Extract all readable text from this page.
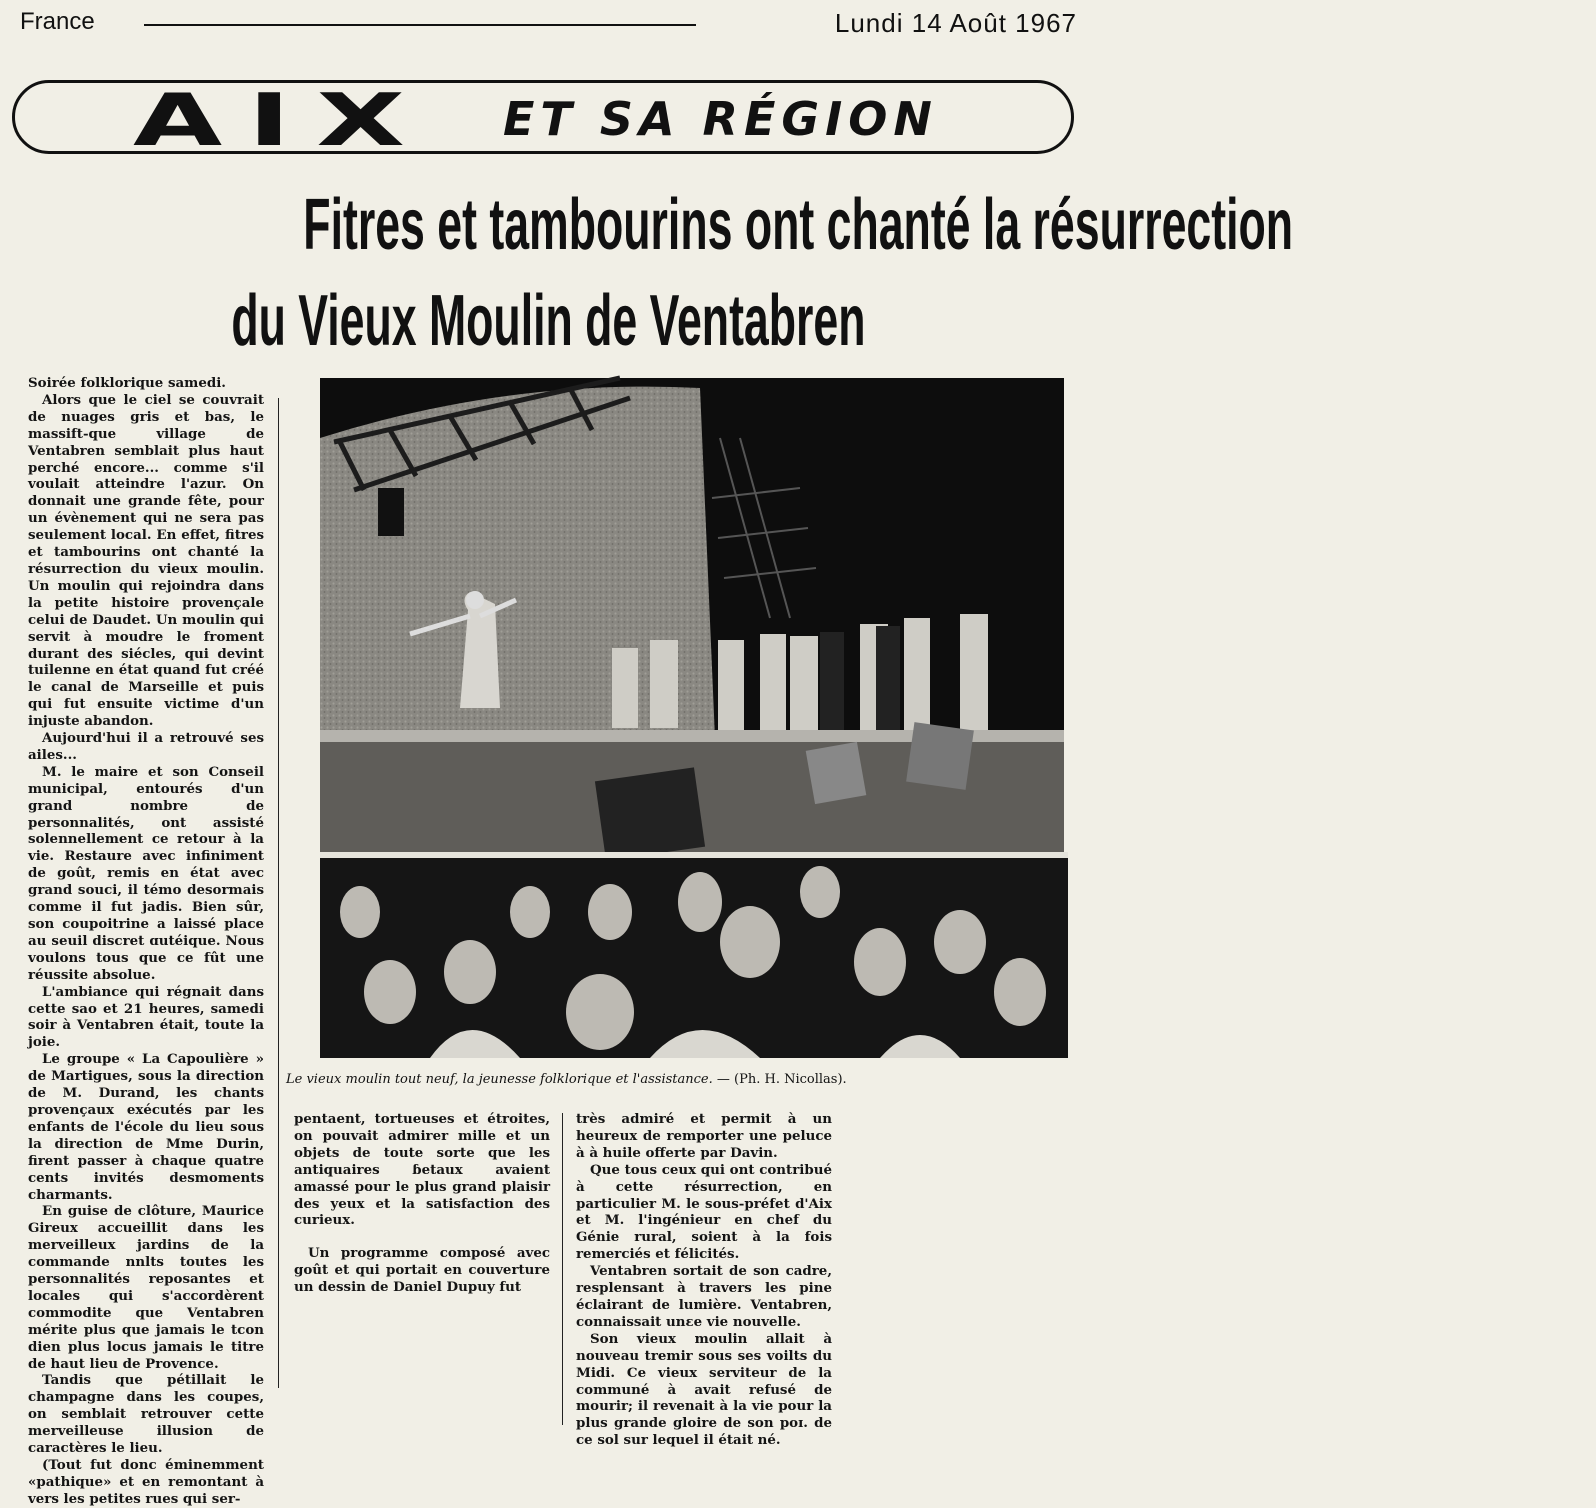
France	Lundi 14 Août 1967
AIX ET SA RÉGION
Fitres et tambourins ont chanté la résurrection
du Vieux Moulin de Ventabren

Soirée folklorique samedi.

Alors que le ciel se couvrait de nuages gris et bas, le massift-que village de Ventabren semblait plus haut perché encore... comme s'il voulait atteindre l'azur. On donnait une grande fête, pour un évènement qui ne sera pas seulement local. En effet, fitres et tambourins ont chanté la résurrection du vieux moulin. Un moulin qui rejoindra dans la petite histoire provençale celui de Daudet. Un moulin qui servit à moudre le froment durant des siécles, qui devint tuilenne en état quand fut créé le canal de Marseille et puis qui fut ensuite victime d'un injuste abandon.

Aujourd'hui il a retrouvé ses ailes...

M. le maire et son Conseil municipal, entourés d'un grand nombre de personnalités, ont assisté solennellement ce retour à la vie. Restaure avec infiniment de goût, remis en état avec grand souci, il témo desormais comme il fut jadis. Bien sûr, son coupoitrine a laissé place au seuil discret ɑutéique. Nous voulons tous que ce fût une réussite absolue.

L'ambiance qui régnait dans cette sao et 21 heures, samedi soir à Ventabren était, toute la joie.

Le groupe « La Capoulière » de Martigues, sous la direction de M. Durand, les chants provençaux exécutés par les enfants de l'école du lieu sous la direction de Mme Durin, firent passer à chaque quatre cents invités desmoments charmants.

En guise de clôture, Maurice Gireux accueillit dans les merveilleux jardins de la commande nnlts toutes les personnalités reposantes et locales qui s'accordèrent commodite que Ventabren mérite plus que jamais le tcon dien plus locus jamais le titre de haut lieu de Provence.

Tandis que pétillait le champagne dans les coupes, on semblait retrouver cette merveilleuse illusion de caractères le lieu.

(Tout fut donc éminemment «pathique» et en remontant à vers les petites rues qui ser-

Le vieux moulin tout neuf, la jeunesse folklorique et l'assistance. — (Ph. H. Nicollas).

pentaent, tortueuses et étroites, on pouvait admirer mille et un objets de toute sorte que les antiquaires ɓetaux avaient amassé pour le plus grand plaisir des yeux et la satisfaction des curieux.

Un programme composé avec goût et qui portait en couverture un dessin de Daniel Dupuy fut

très admiré et permit à un heureux de remporter une peluce à à huile offerte par Davin.

Que tous ceux qui ont contribué à cette résurrection, en particulier M. le sous-préfet d'Aix et M. l'ingénieur en chef du Génie rural, soient à la fois remerciés et félicités.

Ventabren sortait de son cadre, resplensant à travers les pine éclairant de lumière. Ventabren, connaissait unɛe vie nouvelle.

Son vieux moulin allait à nouveau tremir sous ses voilts du Midi. Ce vieux serviteur de la communé à avait refusé de mourir; il revenait à la vie pour la plus grande gloire de son poɪ. de ce sol sur lequel il était né.
